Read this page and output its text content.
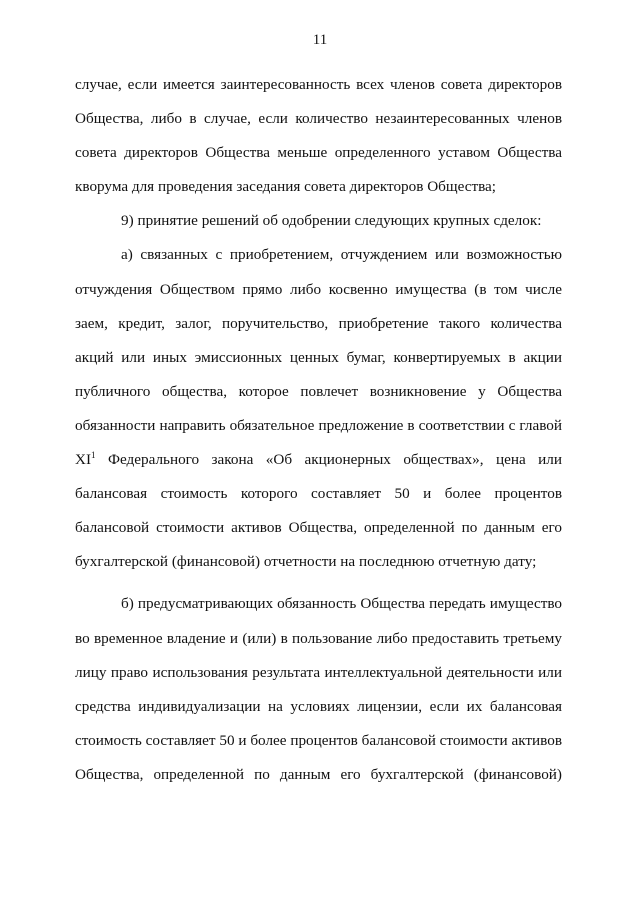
11
случае, если имеется заинтересованность всех членов совета директоров
Общества, либо в случае, если количество незаинтересованных членов
совета директоров Общества меньше определенного уставом Общества
кворума для проведения заседания совета директоров Общества;
9) принятие решений об одобрении следующих крупных сделок:
а) связанных с приобретением, отчуждением или возможностью
отчуждения Обществом прямо либо косвенно имущества (в том числе
заем, кредит, залог, поручительство, приобретение такого количества
акций или иных эмиссионных ценных бумаг, конвертируемых в акции
публичного общества, которое повлечет возникновение у Общества
обязанности направить обязательное предложение в соответствии с главой
$XI^1$ Федерального закона «Об акционерных обществах», цена или
балансовая стоимость которого составляет 50 и более процентов
балансовой стоимости активов Общества, определенной по данным его
бухгалтерской (финансовой) отчетности на последнюю отчетную дату;
б) предусматривающих обязанность Общества передать имущество
во временное владение и (или) в пользование либо предоставить третьему
лицу право использования результата интеллектуальной деятельности или
средства индивидуализации на условиях лицензии, если их балансовая
стоимость составляет 50 и более процентов балансовой стоимости активов
Общества, определенной по данным его бухгалтерской (финансовой)
